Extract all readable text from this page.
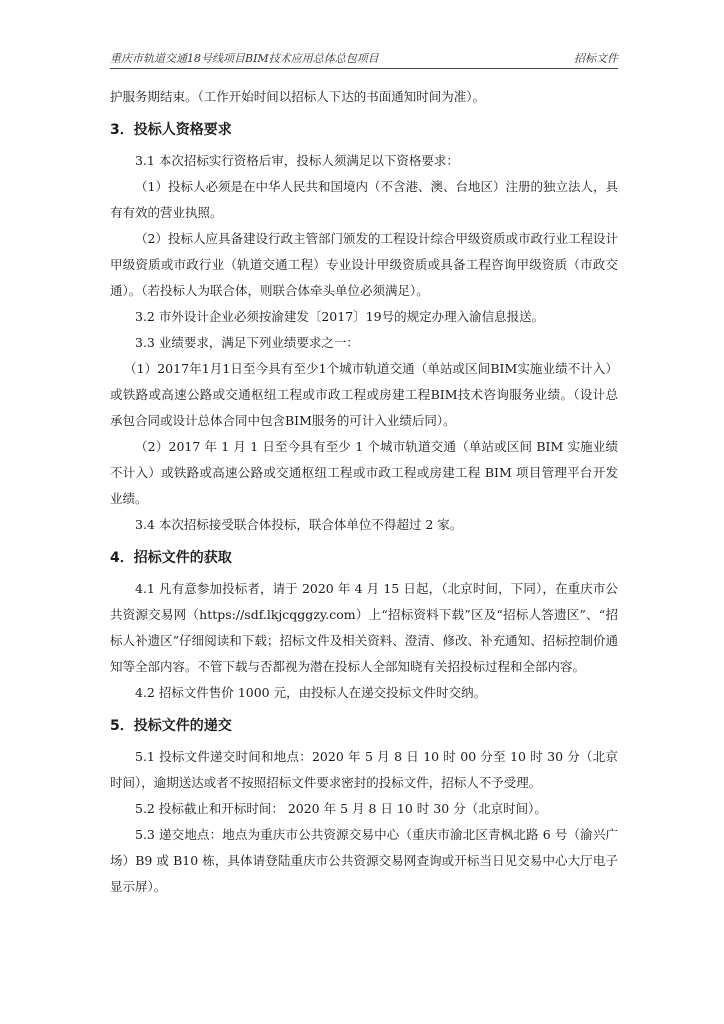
重庆市轨道交通18号线项目BIM技术应用总体总包项目	招标文件

护服务期结束。（工作开始时间以招标人下达的书面通知时间为准）。

3．投标人资格要求

3.1 本次招标实行资格后审，投标人须满足以下资格要求：

（1）投标人必须是在中华人民共和国境内（不含港、澳、台地区）注册的独立法人，具有有效的营业执照。

（2）投标人应具备建设行政主管部门颁发的工程设计综合甲级资质或市政行业工程设计甲级资质或市政行业（轨道交通工程）专业设计甲级资质或具备工程咨询甲级资质（市政交通）。（若投标人为联合体，则联合体牵头单位必须满足）。

3.2 市外设计企业必须按渝建发〔2017〕19号的规定办理入渝信息报送。

3.3 业绩要求，满足下列业绩要求之一：

（1）2017年1月1日至今具有至少1个城市轨道交通（单站或区间BIM实施业绩不计入）或铁路或高速公路或交通枢纽工程或市政工程或房建工程BIM技术咨询服务业绩。（设计总承包合同或设计总体合同中包含BIM服务的可计入业绩后同）。

（2）2017 年 1 月 1 日至今具有至少 1 个城市轨道交通（单站或区间 BIM 实施业绩不计入）或铁路或高速公路或交通枢纽工程或市政工程或房建工程 BIM 项目管理平台开发业绩。

3.4 本次招标接受联合体投标，联合体单位不得超过 2 家。

4．招标文件的获取

4.1 凡有意参加投标者，请于 2020 年 4 月 15 日起，（北京时间，下同），在重庆市公共资源交易网（https://sdf.lkjcqggzy.com）上“招标资料下载”区及“招标人答遗区”、“招标人补遗区”仔细阅读和下载；招标文件及相关资料、澄清、修改、补充通知、招标控制价通知等全部内容。不管下载与否都视为潜在投标人全部知晓有关招投标过程和全部内容。

4.2 招标文件售价 1000 元，由投标人在递交投标文件时交纳。

5．投标文件的递交

5.1 投标文件递交时间和地点：2020 年 5 月 8 日 10 时 00 分至 10 时 30 分（北京时间），逾期送达或者不按照招标文件要求密封的投标文件，招标人不予受理。

5.2 投标截止和开标时间： 2020 年 5 月 8 日 10 时 30 分（北京时间）。

5.3 递交地点：地点为重庆市公共资源交易中心（重庆市渝北区青枫北路 6 号（渝兴广场）B9 或 B10 栋，具体请登陆重庆市公共资源交易网查询或开标当日见交易中心大厅电子显示屏）。
